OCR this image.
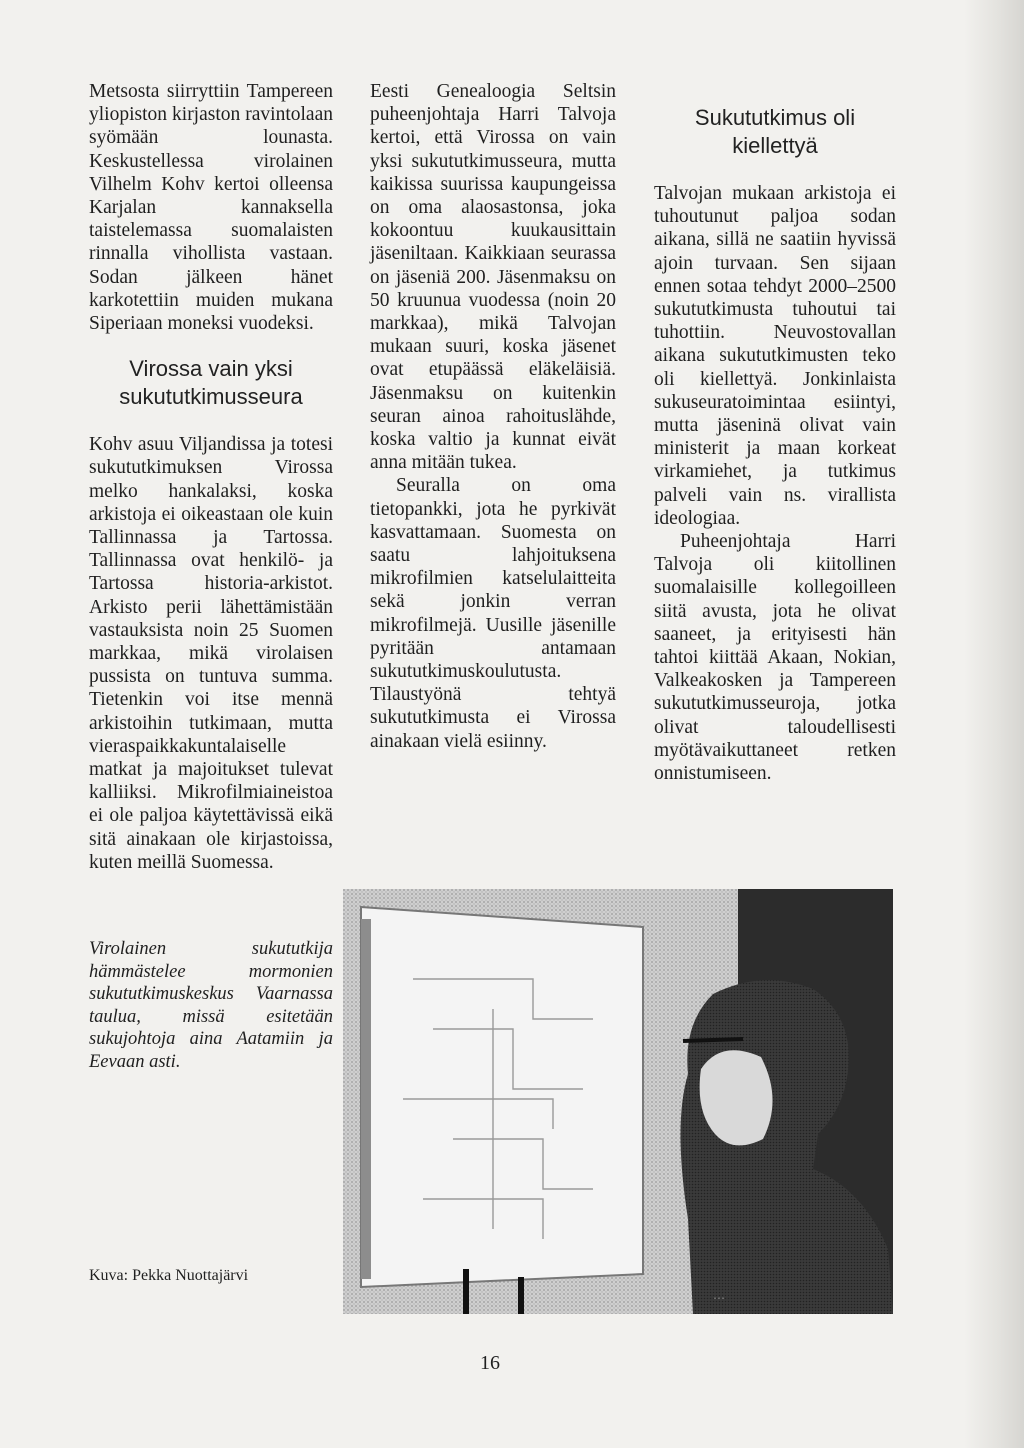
Metsosta siirryttiin Tampereen yliopiston kirjaston ravintolaan syömään lounasta. Keskustellessa virolainen Vilhelm Kohv kertoi olleensa Karjalan kannaksella taistelemassa suomalaisten rinnalla vihollista vastaan. Sodan jälkeen hänet karkotettiin muiden mukana Siperiaan moneksi vuodeksi.

Virossa vain yksi sukututkimusseura

Kohv asuu Viljandissa ja totesi sukututkimuksen Virossa melko hankalaksi, koska arkistoja ei oikeastaan ole kuin Tallinnassa ja Tartossa. Tallinnassa ovat henkilö- ja Tartossa historia-arkistot. Arkisto perii lähettämistään vastauksista noin 25 Suomen markkaa, mikä virolaisen pussista on tuntuva summa. Tietenkin voi itse mennä arkistoihin tutkimaan, mutta vieraspaikkakuntalaiselle matkat ja majoitukset tulevat kalliiksi. Mikrofilmiaineistoa ei ole paljoa käytettävissä eikä sitä ainakaan ole kirjastoissa, kuten meillä Suomessa.

Eesti Genealoogia Seltsin puheenjohtaja Harri Talvoja kertoi, että Virossa on vain yksi sukututkimusseura, mutta kaikissa suurissa kaupungeissa on oma alaosastonsa, joka kokoontuu kuukausittain jäseniltaan. Kaikkiaan seurassa on jäseniä 200. Jäsenmaksu on 50 kruunua vuodessa (noin 20 markkaa), mikä Talvojan mukaan suuri, koska jäsenet ovat etupäässä eläkeläisiä. Jäsenmaksu on kuitenkin seuran ainoa rahoituslähde, koska valtio ja kunnat eivät anna mitään tukea.

Seuralla on oma tietopankki, jota he pyrkivät kasvattamaan. Suomesta on saatu lahjoituksena mikrofilmien katselulaitteita sekä jonkin verran mikrofilmejä. Uusille jäsenille pyritään antamaan sukututkimuskoulutusta. Tilaustyönä tehtyä sukututkimusta ei Virossa ainakaan vielä esiinny.

Sukututkimus oli kiellettyä

Talvojan mukaan arkistoja ei tuhoutunut paljoa sodan aikana, sillä ne saatiin hyvissä ajoin turvaan. Sen sijaan ennen sotaa tehdyt 2000–2500 sukututkimusta tuhoutui tai tuhottiin. Neuvostovallan aikana sukututkimusten teko oli kiellettyä. Jonkinlaista sukuseuratoimintaa esiintyi, mutta jäseninä olivat vain ministerit ja maan korkeat virkamiehet, ja tutkimus palveli vain ns. virallista ideologiaa.

Puheenjohtaja Harri Talvoja oli kiitollinen suomalaisille kollegoilleen siitä avusta, jota he olivat saaneet, ja erityisesti hän tahtoi kiittää Akaan, Nokian, Valkeakosken ja Tampereen sukututkimusseuroja, jotka olivat taloudellisesti myötävaikuttaneet retken onnistumiseen.

Virolainen sukututkija hämmästelee mormonien sukututkimuskeskus Vaarnassa taulua, missä esitetään sukujohtoja aina Aatamiin ja Eevaan asti.
Kuva: Pekka Nuottajärvi
…
16
